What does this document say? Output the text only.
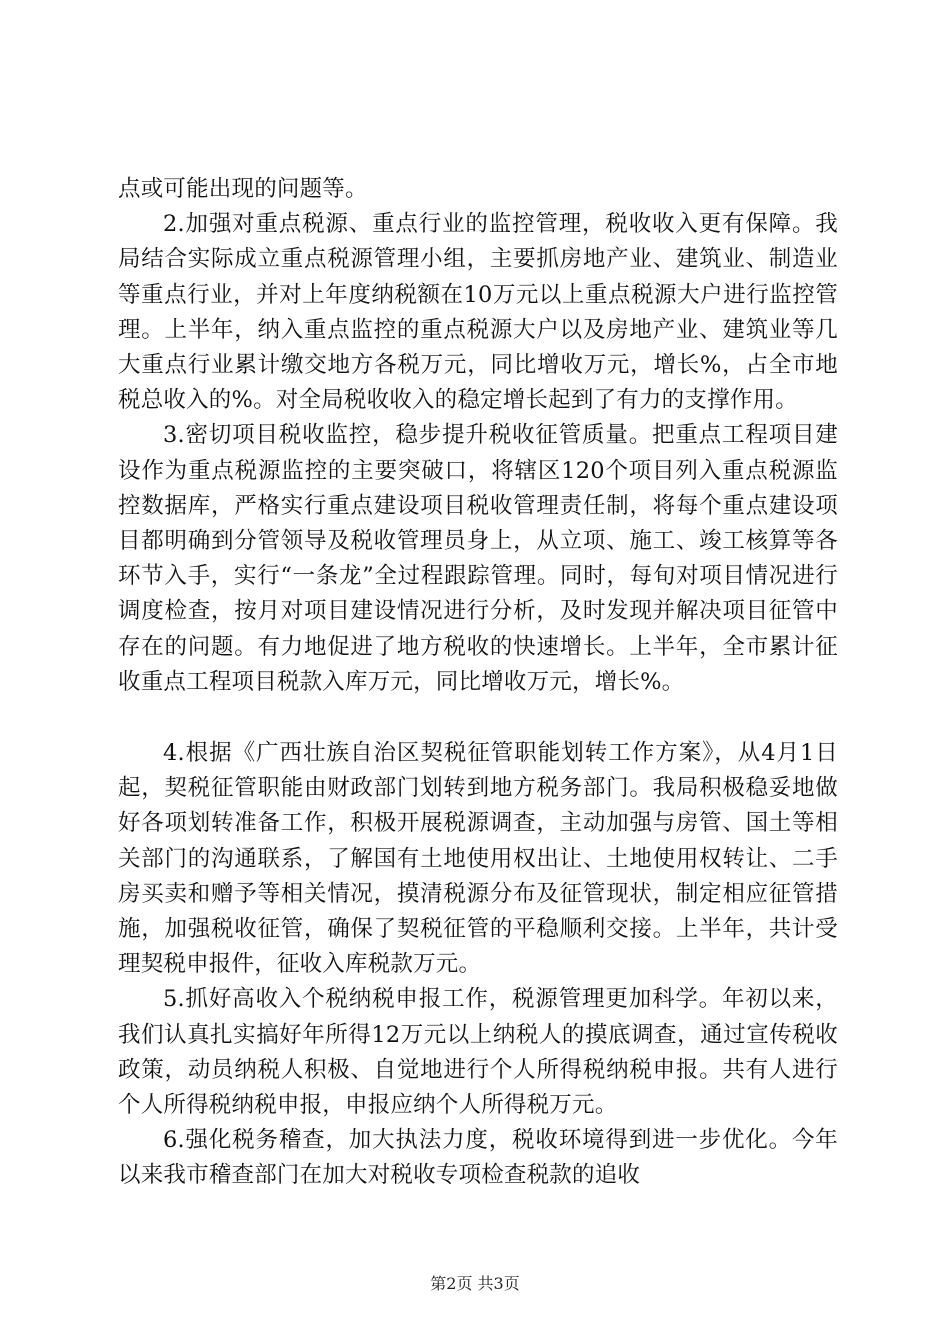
点或可能出现的问题等。

2.加强对重点税源、重点行业的监控管理，税收收入更有保障。我局结合实际成立重点税源管理小组，主要抓房地产业、建筑业、制造业等重点行业，并对上年度纳税额在10万元以上重点税源大户进行监控管理。上半年，纳入重点监控的重点税源大户以及房地产业、建筑业等几大重点行业累计缴交地方各税万元，同比增收万元，增长%，占全市地税总收入的%。对全局税收收入的稳定增长起到了有力的支撑作用。

3.密切项目税收监控，稳步提升税收征管质量。把重点工程项目建设作为重点税源监控的主要突破口，将辖区120个项目列入重点税源监控数据库，严格实行重点建设项目税收管理责任制，将每个重点建设项目都明确到分管领导及税收管理员身上，从立项、施工、竣工核算等各环节入手，实行“一条龙”全过程跟踪管理。同时，每旬对项目情况进行调度检查，按月对项目建设情况进行分析，及时发现并解决项目征管中存在的问题。有力地促进了地方税收的快速增长。上半年，全市累计征收重点工程项目税款入库万元，同比增收万元，增长%。

4.根据《广西壮族自治区契税征管职能划转工作方案》，从4月1日起，契税征管职能由财政部门划转到地方税务部门。我局积极稳妥地做好各项划转准备工作，积极开展税源调查，主动加强与房管、国土等相关部门的沟通联系，了解国有土地使用权出让、土地使用权转让、二手房买卖和赠予等相关情况，摸清税源分布及征管现状，制定相应征管措施，加强税收征管，确保了契税征管的平稳顺利交接。上半年，共计受理契税申报件，征收入库税款万元。

5.抓好高收入个税纳税申报工作，税源管理更加科学。年初以来，我们认真扎实搞好年所得12万元以上纳税人的摸底调查，通过宣传税收政策，动员纳税人积极、自觉地进行个人所得税纳税申报。共有人进行个人所得税纳税申报，申报应纳个人所得税万元。

6.强化税务稽查，加大执法力度，税收环境得到进一步优化。今年以来我市稽查部门在加大对税收专项检查税款的追收

第2页 共3页
